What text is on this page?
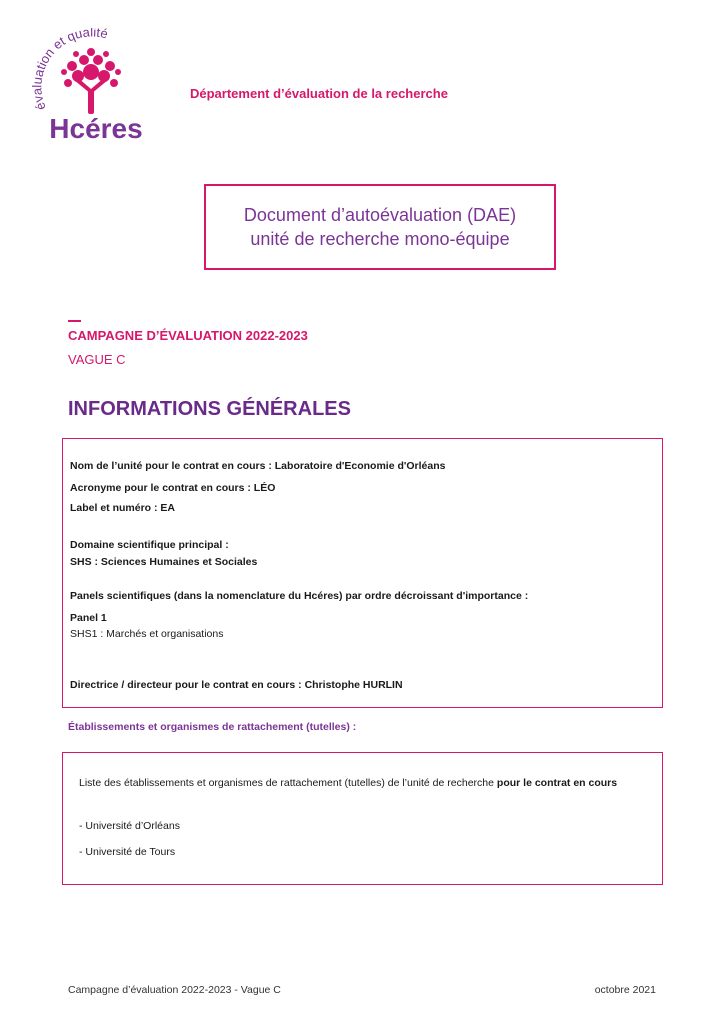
évaluation et qualité
Hcéres
Département d’évaluation de la recherche
Document d’autoévaluation (DAE)
unité de recherche mono-équipe
CAMPAGNE D’ÉVALUATION 2022-2023
VAGUE C
INFORMATIONS GÉNÉRALES
Nom de l’unité pour le contrat en cours : Laboratoire d'Economie d'Orléans
Acronyme pour le contrat en cours : LÉO
Label et numéro : EA
Domaine scientifique principal :
SHS : Sciences Humaines et Sociales
Panels scientifiques (dans la nomenclature du Hcéres) par ordre décroissant d'importance :
Panel 1
SHS1 : Marchés et organisations
Directrice / directeur pour le contrat en cours : Christophe HURLIN
Établissements et organismes de rattachement (tutelles) :
Liste des établissements et organismes de rattachement (tutelles) de l’unité de recherche pour le contrat en cours
- Université d’Orléans
- Université de Tours
Campagne d’évaluation 2022-2023 - Vague C	octobre 2021
